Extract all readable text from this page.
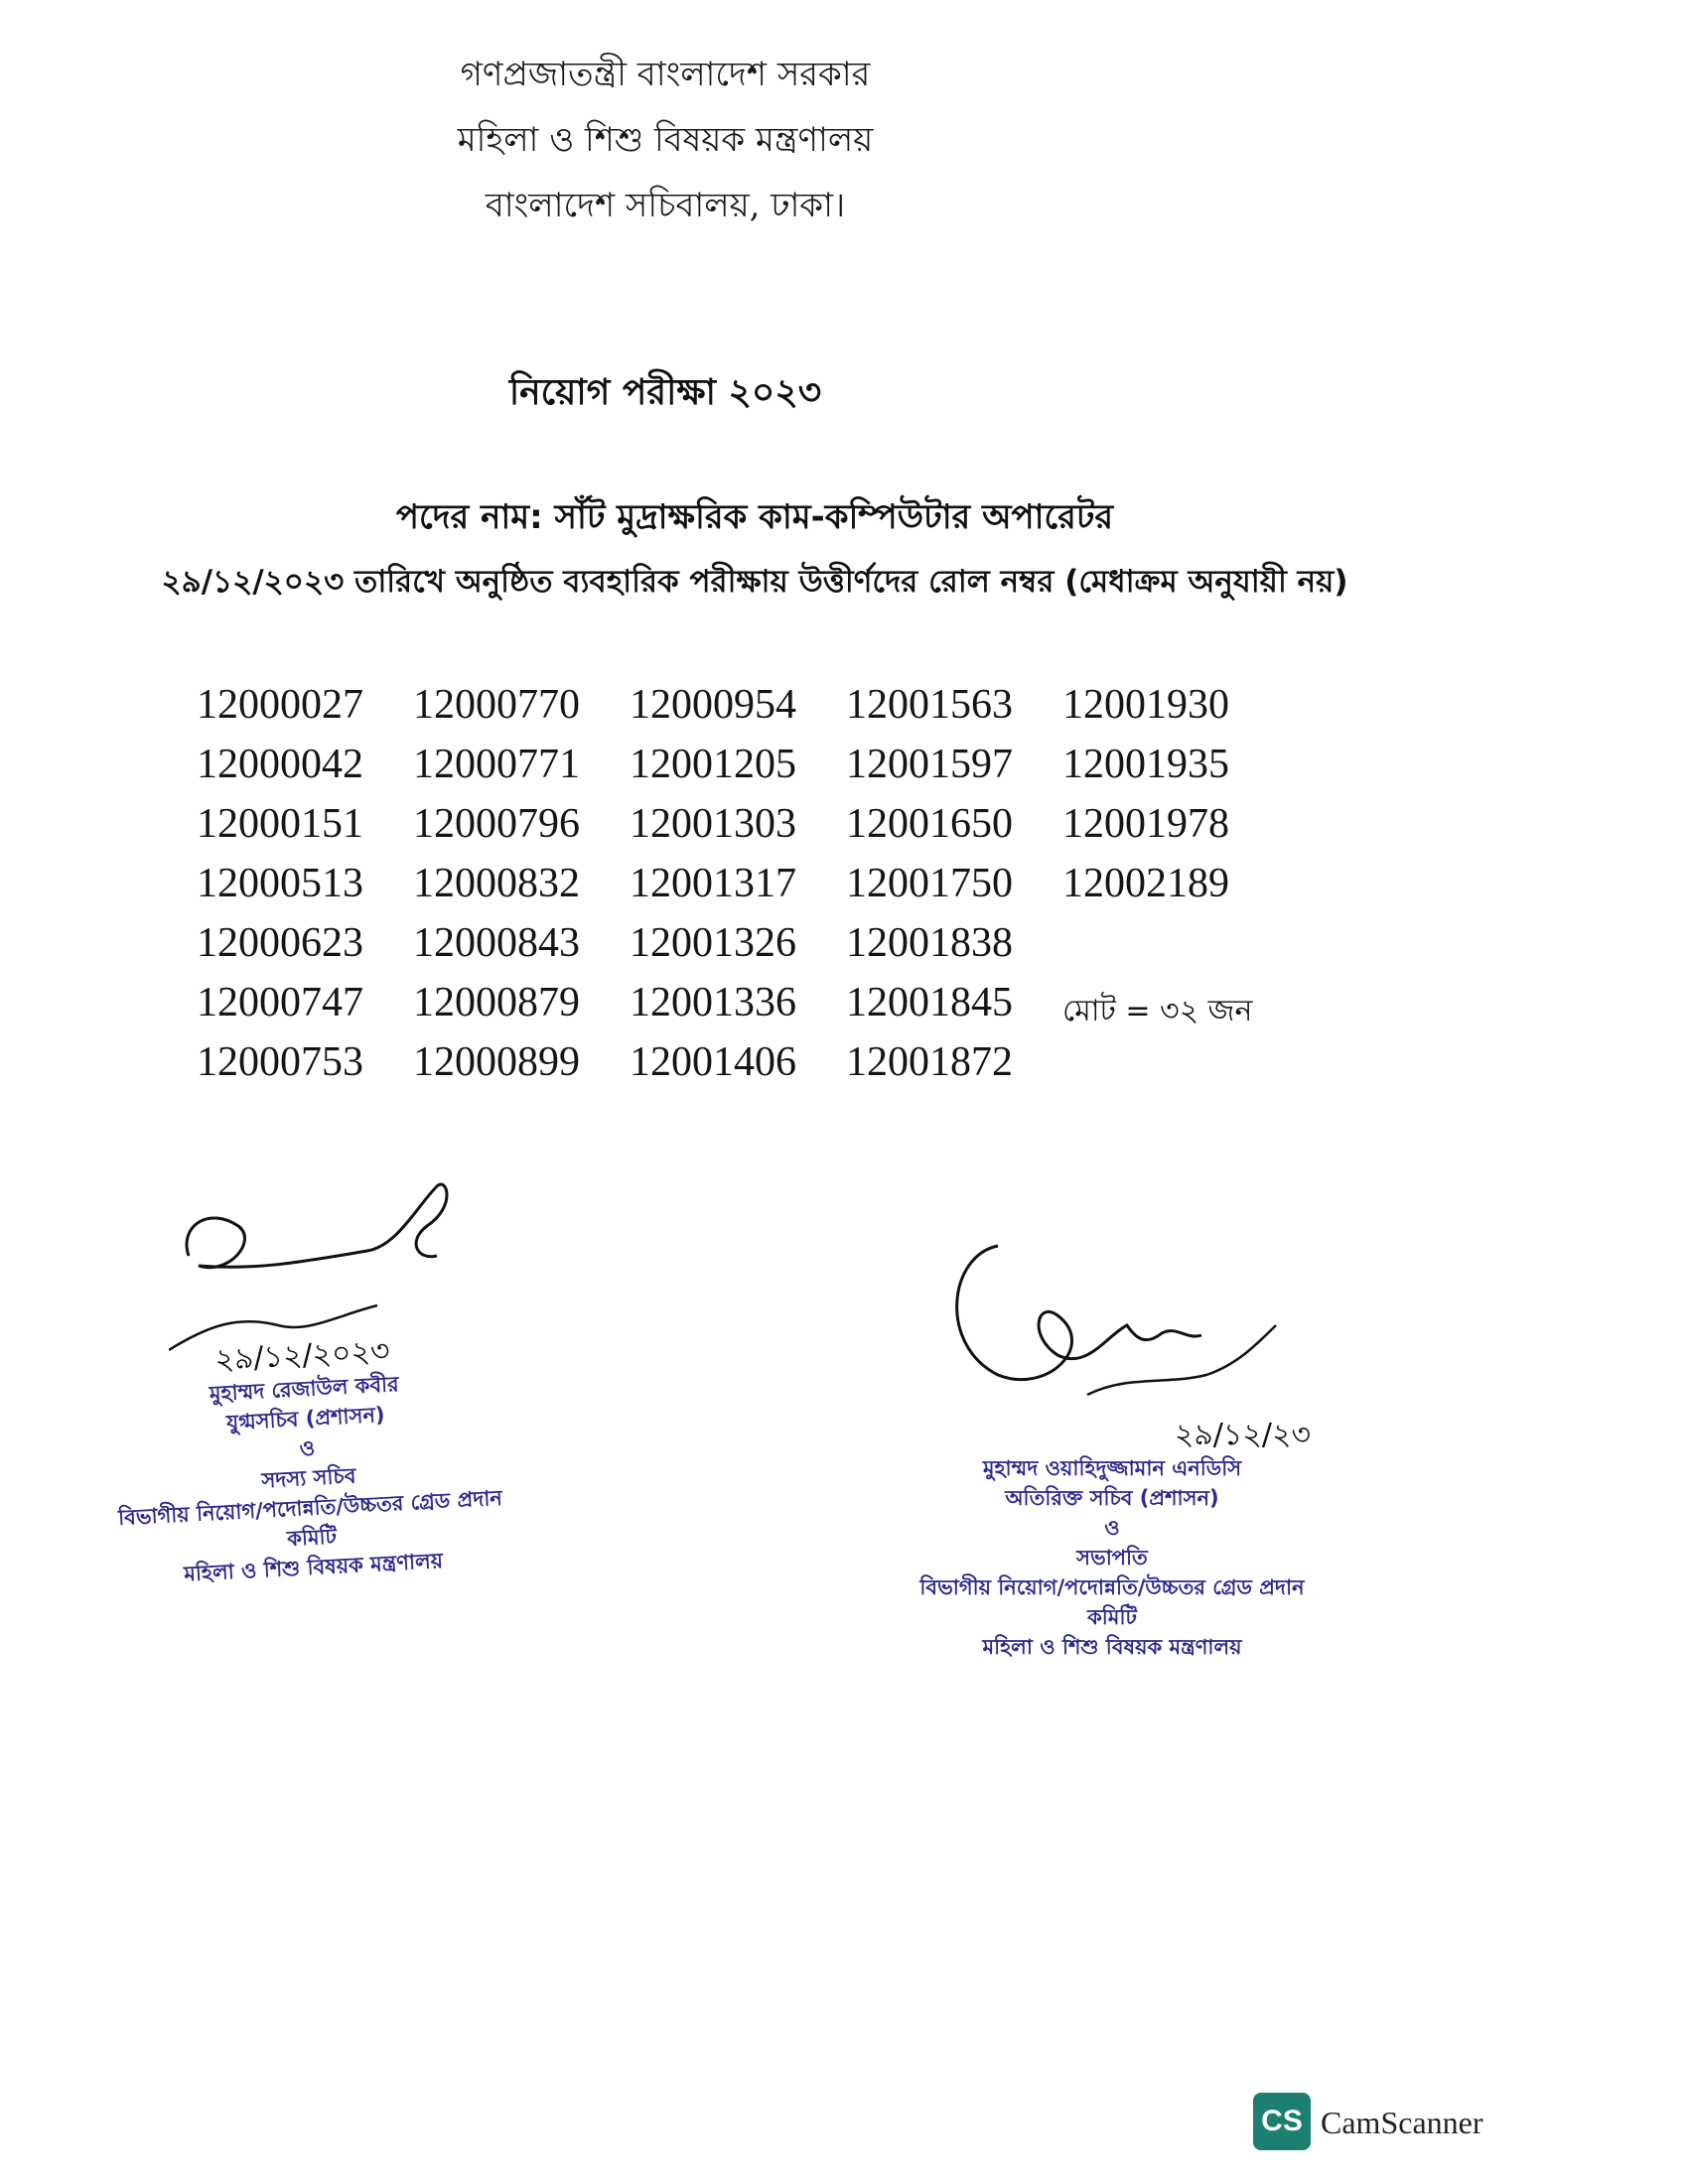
গণপ্রজাতন্ত্রী বাংলাদেশ সরকার
মহিলা ও শিশু বিষয়ক মন্ত্রণালয়
বাংলাদেশ সচিবালয়, ঢাকা।
নিয়োগ পরীক্ষা ২০২৩
পদের নাম: সাঁট মুদ্রাক্ষরিক কাম-কম্পিউটার অপারেটর
২৯/১২/২০২৩ তারিখে অনুষ্ঠিত ব্যবহারিক পরীক্ষায় উত্তীর্ণদের রোল নম্বর (মেধাক্রম অনুযায়ী নয়)
12000027	12000770	12000954	12001563	12001930
12000042	12000771	12001205	12001597	12001935
12000151	12000796	12001303	12001650	12001978
12000513	12000832	12001317	12001750	12002189
12000623	12000843	12001326	12001838
12000747	12000879	12001336	12001845
12000753	12000899	12001406	12001872
মোট = ৩২ জন
২৯/১২/২০২৩
মুহাম্মদ রেজাউল কবীর
যুগ্মসচিব (প্রশাসন)
ও
সদস্য সচিব
বিভাগীয় নিয়োগ/পদোন্নতি/উচ্চতর গ্রেড প্রদান কমিটি
মহিলা ও শিশু বিষয়ক মন্ত্রণালয়
২৯/১২/২৩
মুহাম্মদ ওয়াহিদুজ্জামান এনডিসি
অতিরিক্ত সচিব (প্রশাসন)
ও
সভাপতি
বিভাগীয় নিয়োগ/পদোন্নতি/উচ্চতর গ্রেড প্রদান কমিটি
মহিলা ও শিশু বিষয়ক মন্ত্রণালয়
CS CamScanner
